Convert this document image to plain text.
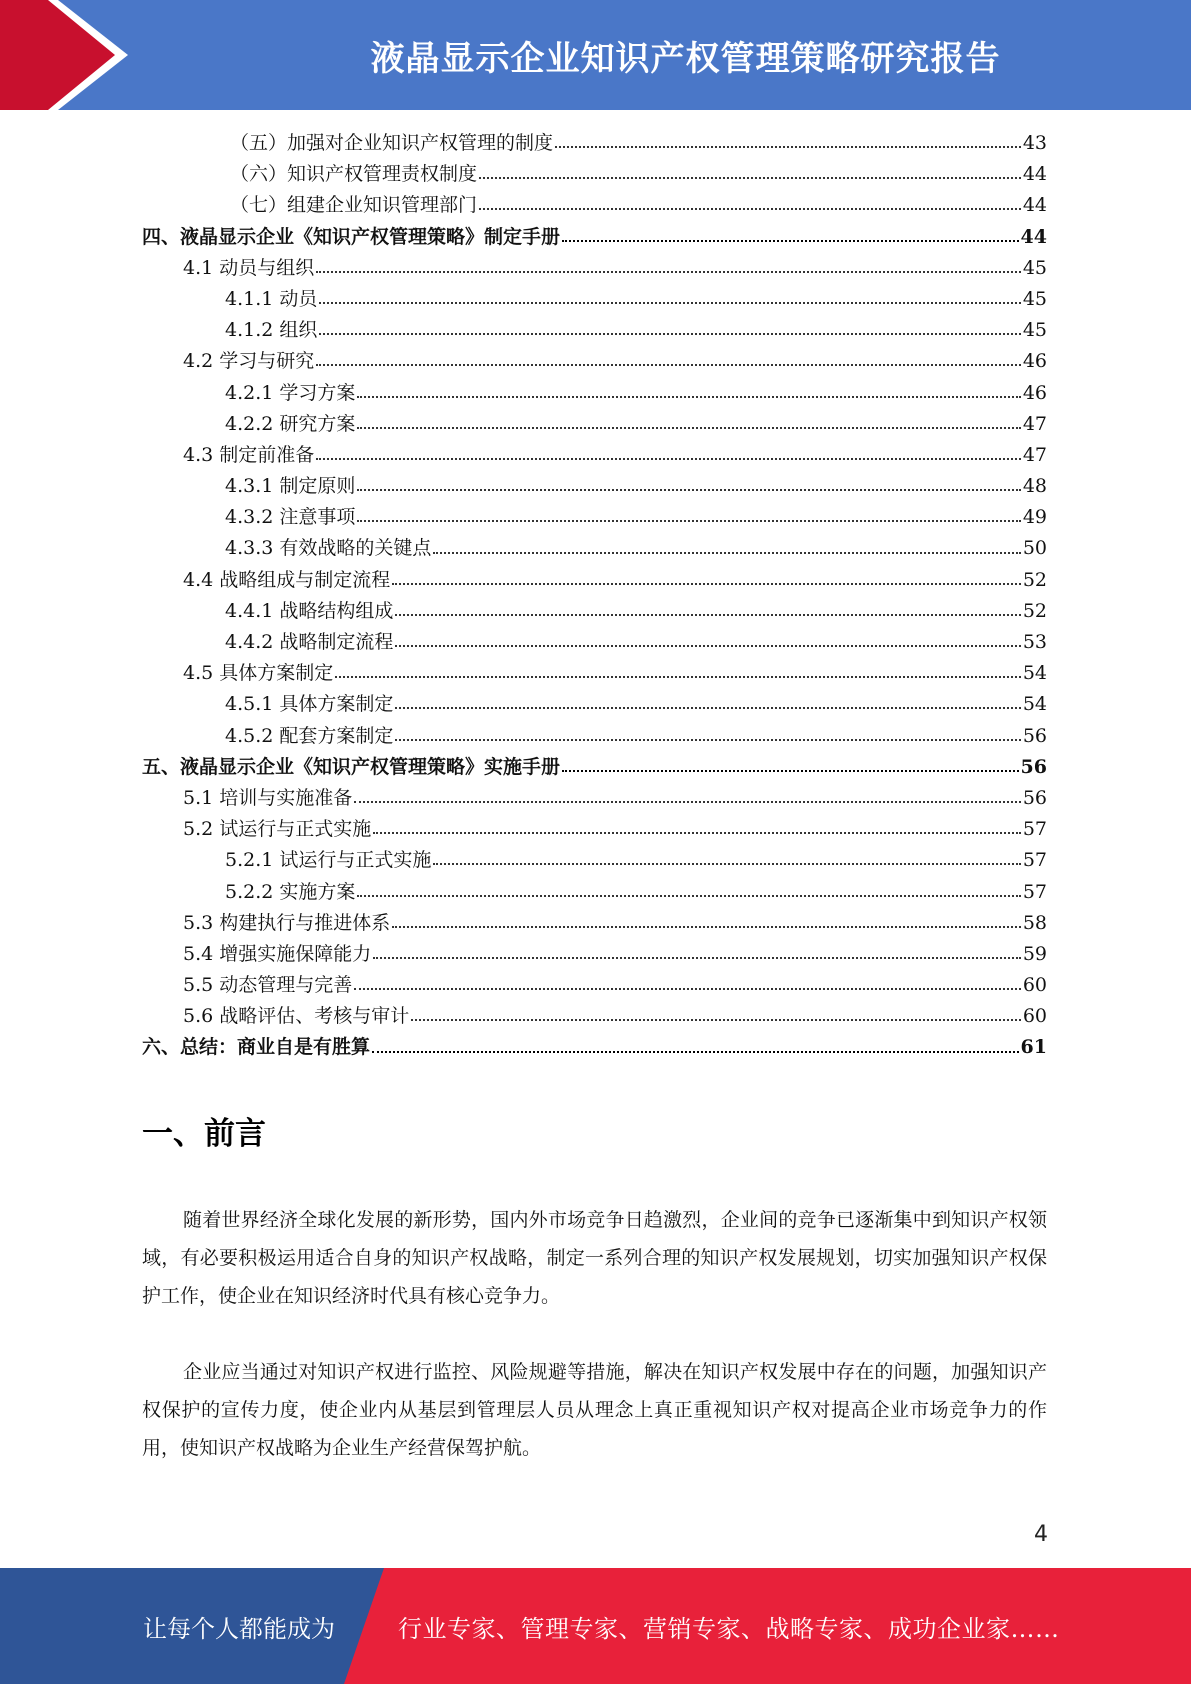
液晶显示企业知识产权管理策略研究报告
（五）加强对企业知识产权管理的制度	43
（六）知识产权管理责权制度	44
（七）组建企业知识管理部门	44
四、液晶显示企业《知识产权管理策略》制定手册	44
4.1 动员与组织	45
4.1.1 动员	45
4.1.2 组织	45
4.2 学习与研究	46
4.2.1 学习方案	46
4.2.2 研究方案	47
4.3 制定前准备	47
4.3.1 制定原则	48
4.3.2 注意事项	49
4.3.3 有效战略的关键点	50
4.4 战略组成与制定流程	52
4.4.1 战略结构组成	52
4.4.2 战略制定流程	53
4.5 具体方案制定	54
4.5.1 具体方案制定	54
4.5.2 配套方案制定	56
五、液晶显示企业《知识产权管理策略》实施手册	56
5.1 培训与实施准备	56
5.2 试运行与正式实施	57
5.2.1 试运行与正式实施	57
5.2.2 实施方案	57
5.3 构建执行与推进体系	58
5.4 增强实施保障能力	59
5.5 动态管理与完善	60
5.6 战略评估、考核与审计	60
六、总结：商业自是有胜算	61
一、前言

随着世界经济全球化发展的新形势，国内外市场竞争日趋激烈，企业间的竞争已逐渐集中到知识产权领域，有必要积极运用适合自身的知识产权战略，制定一系列合理的知识产权发展规划，切实加强知识产权保护工作，使企业在知识经济时代具有核心竞争力。

企业应当通过对知识产权进行监控、风险规避等措施，解决在知识产权发展中存在的问题，加强知识产权保护的宣传力度，使企业内从基层到管理层人员从理念上真正重视知识产权对提高企业市场竞争力的作用，使知识产权战略为企业生产经营保驾护航。

4
让每个人都能成为	行业专家、管理专家、营销专家、战略专家、成功企业家……
